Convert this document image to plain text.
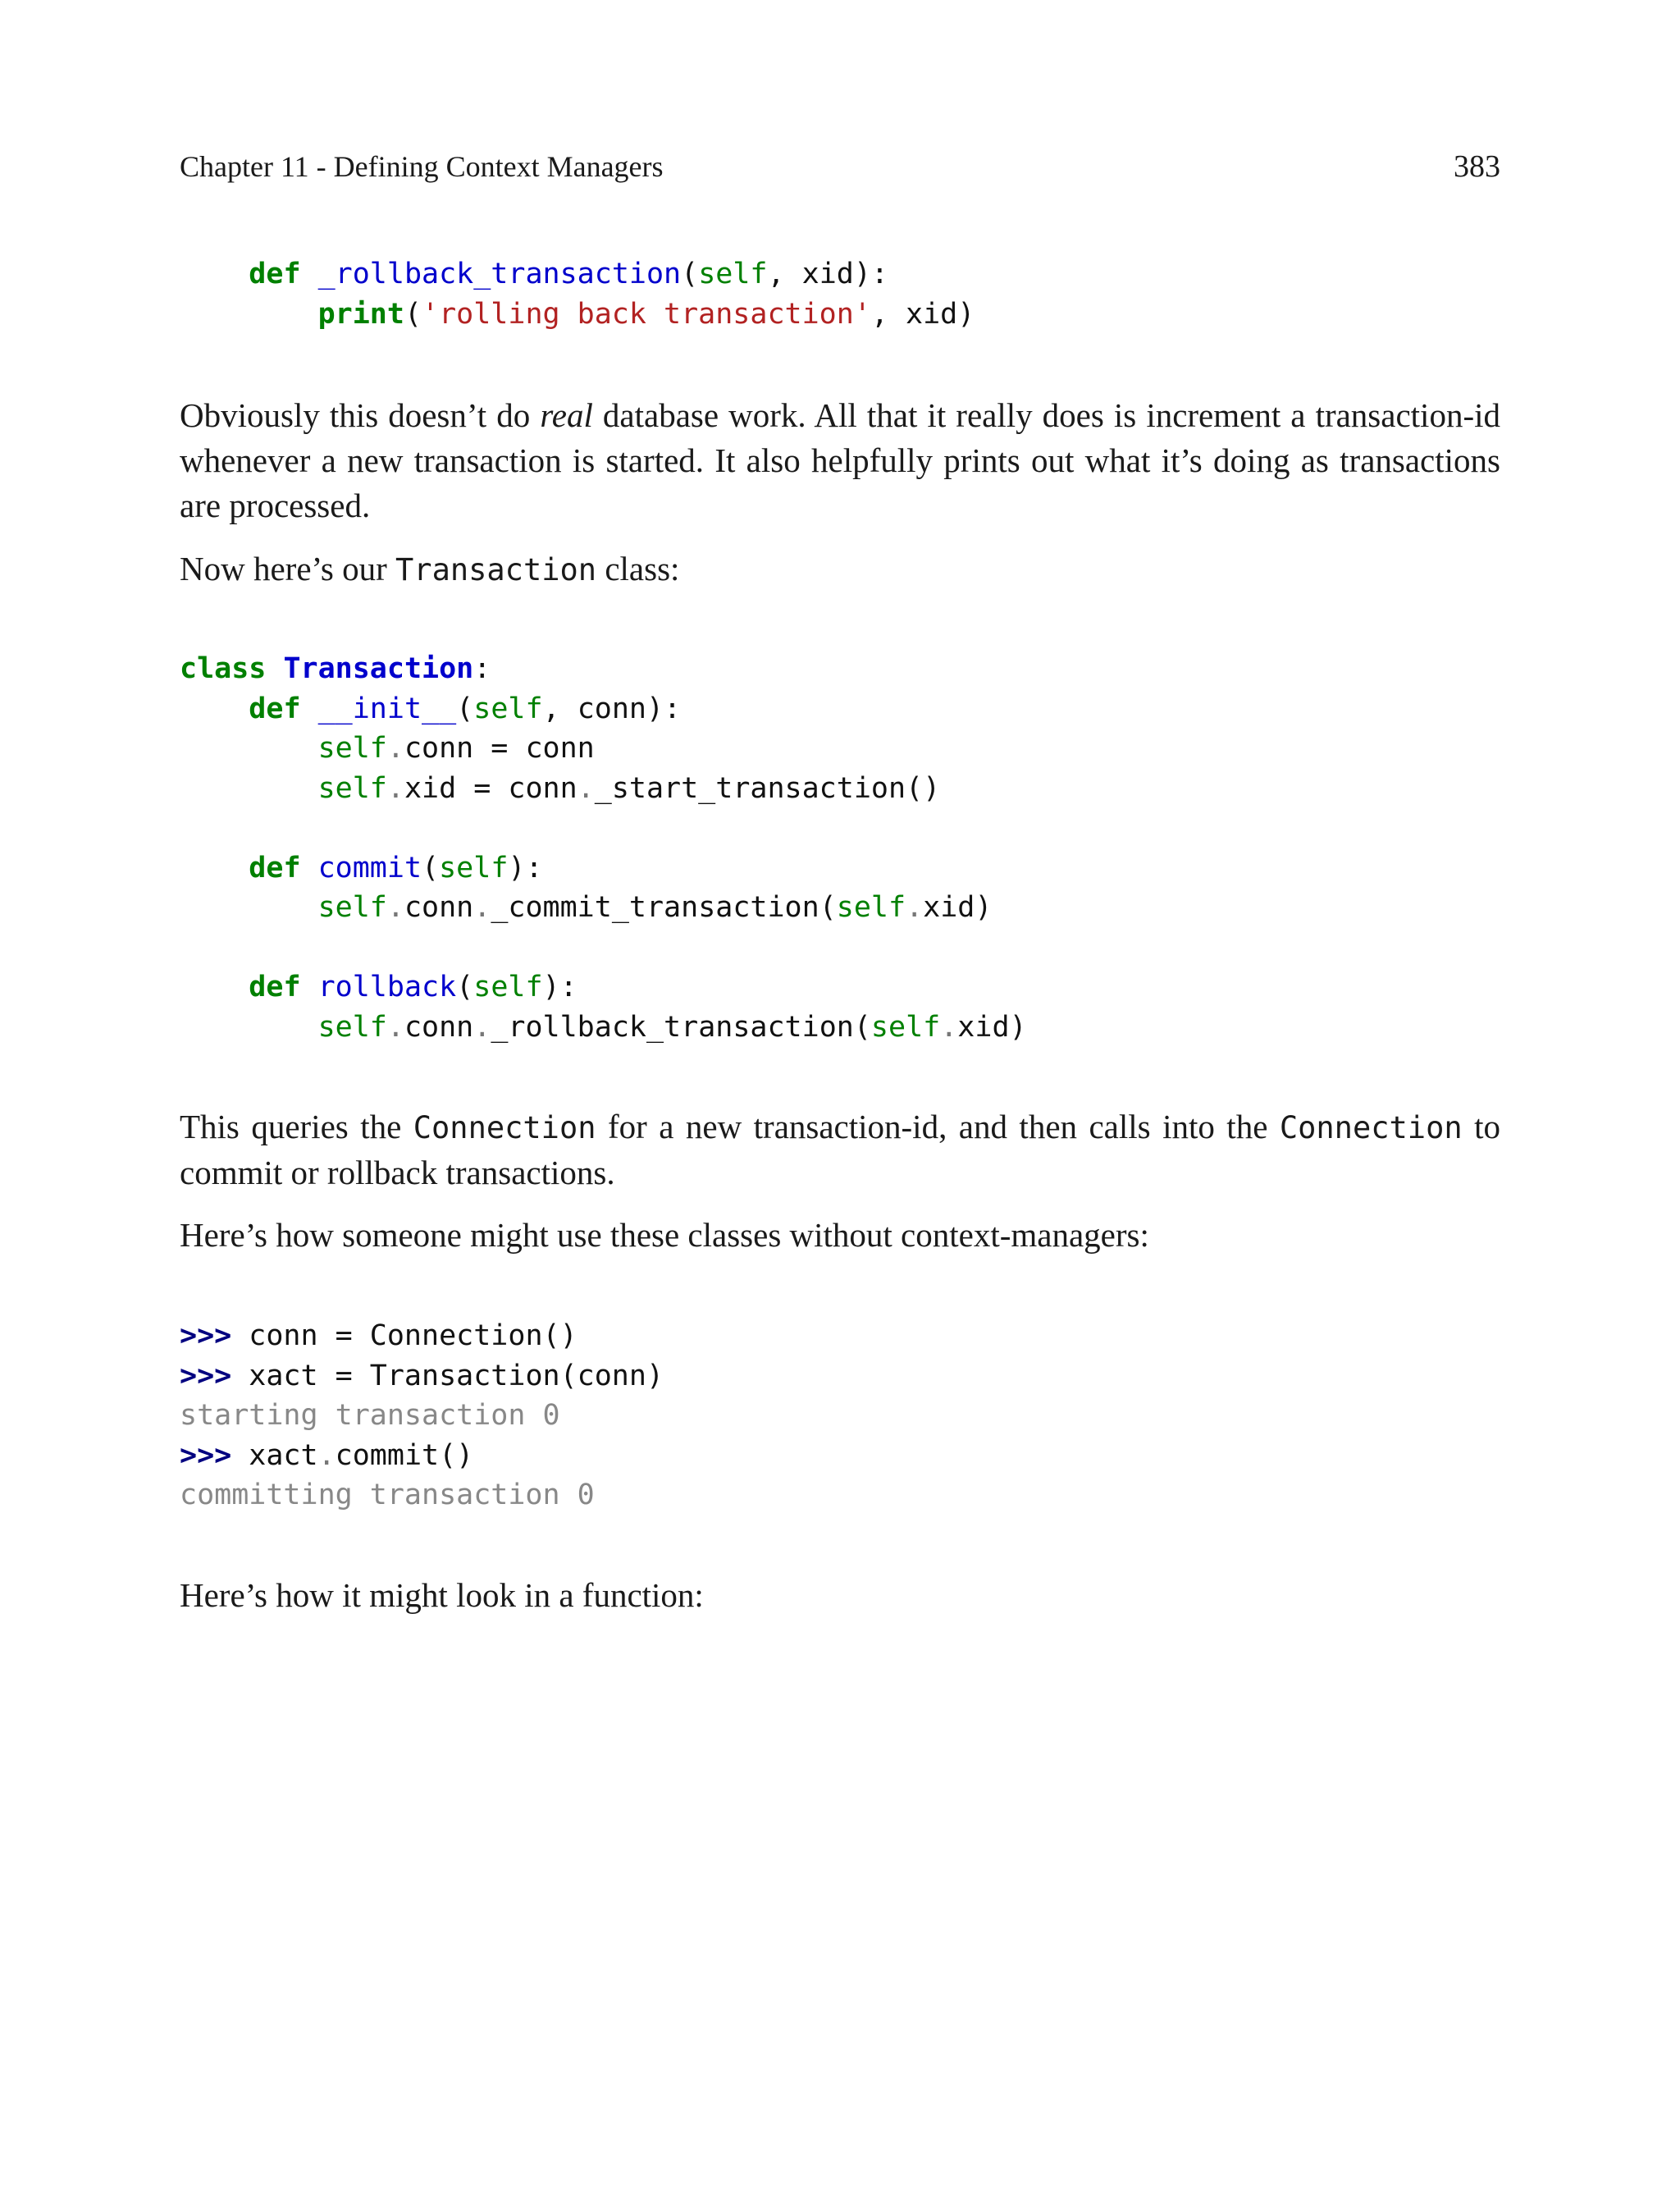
Chapter 11 - Defining Context Managers	383
def _rollback_transaction(self, xid):
print('rolling back transaction', xid)

Obviously this doesn’t do real database work. All that it really does is increment a transaction-id whenever a new transaction is started. It also helpfully prints out what it’s doing as transactions are processed.

Now here’s our Transaction class:

class Transaction:
def __init__(self, conn):
self.conn = conn
self.xid = conn._start_transaction()

def commit(self):
self.conn._commit_transaction(self.xid)

def rollback(self):
self.conn._rollback_transaction(self.xid)

This queries the Connection for a new transaction-id, and then calls into the Connection to commit or rollback transactions.

Here’s how someone might use these classes without context-managers:

>>> conn = Connection()
>>> xact = Transaction(conn)
starting transaction 0
>>> xact.commit()
committing transaction 0

Here’s how it might look in a function:
